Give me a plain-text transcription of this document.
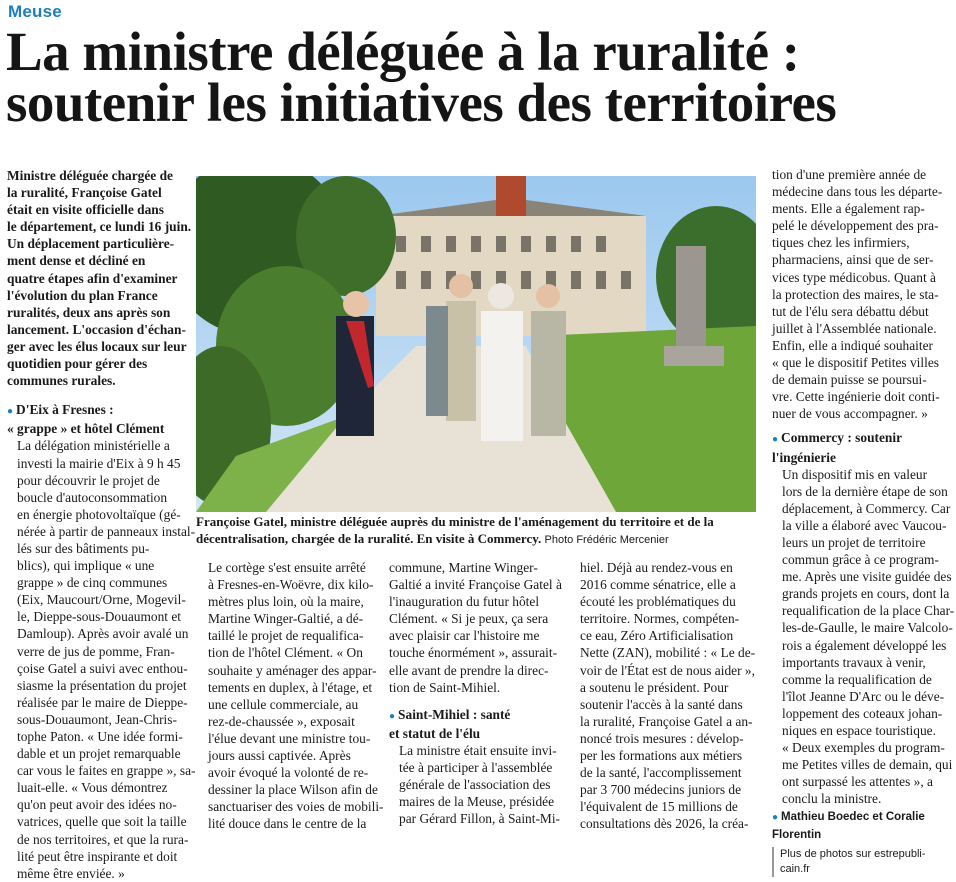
Meuse
La ministre déléguée à la ruralité :
soutenir les initiatives des territoires

Ministre déléguée chargée de

la ruralité, Françoise Gatel

était en visite officielle dans

le département, ce lundi 16 juin.

Un déplacement particulière-

ment dense et décliné en

quatre étapes afin d'examiner

l'évolution du plan France

ruralités, deux ans après son

lancement. L'occasion d'échan-

ger avec les élus locaux sur leur

quotidien pour gérer des

communes rurales.

● D'Eix à Fresnes :

« grappe » et hôtel Clément

La délégation ministérielle a

investi la mairie d'Eix à 9 h 45

pour découvrir le projet de

boucle d'autoconsommation

en énergie photovoltaïque (gé-

nérée à partir de panneaux instal-

lés sur des bâtiments pu-

blics), qui implique « une

grappe » de cinq communes

(Eix, Maucourt/Orne, Mogevil-

le, Dieppe-sous-Douaumont et

Damloup). Après avoir avalé un

verre de jus de pomme, Fran-

çoise Gatel a suivi avec enthou-

siasme la présentation du projet

réalisée par le maire de Dieppe-

sous-Douaumont, Jean-Chris-

tophe Paton. « Une idée formi-

dable et un projet remarquable

car vous le faites en grappe », sa-

luait-elle. « Vous démontrez

qu'on peut avoir des idées no-

vatrices, quelle que soit la taille

de nos territoires, et que la rura-

lité peut être inspirante et doit

même être enviée. »

Françoise Gatel, ministre déléguée auprès du ministre de l'aménagement du territoire et de la
décentralisation, chargée de la ruralité. En visite à Commercy. Photo Frédéric Mercenier

Le cortège s'est ensuite arrêté

à Fresnes-en-Woëvre, dix kilo-

mètres plus loin, où la maire,

Martine Winger-Galtié, a dé-

taillé le projet de requalifica-

tion de l'hôtel Clément. « On

souhaite y aménager des appar-

tements en duplex, à l'étage, et

une cellule commerciale, au

rez-de-chaussée », exposait

l'élue devant une ministre tou-

jours aussi captivée. Après

avoir évoqué la volonté de re-

dessiner la place Wilson afin de

sanctuariser des voies de mobili-

lité douce dans le centre de la

commune, Martine Winger-

Galtié a invité Françoise Gatel à

l'inauguration du futur hôtel

Clément. « Si je peux, ça sera

avec plaisir car l'histoire me

touche énormément », assurait-

elle avant de prendre la direc-

tion de Saint-Mihiel.

● Saint-Mihiel : santé

et statut de l'élu

La ministre était ensuite invi-

tée à participer à l'assemblée

générale de l'association des

maires de la Meuse, présidée

par Gérard Fillon, à Saint-Mi-

hiel. Déjà au rendez-vous en

2016 comme sénatrice, elle a

écouté les problématiques du

territoire. Normes, compéten-

ce eau, Zéro Artificialisation

Nette (ZAN), mobilité : « Le de-

voir de l'État est de nous aider »,

a soutenu le président. Pour

soutenir l'accès à la santé dans

la ruralité, Françoise Gatel a an-

noncé trois mesures : dévelop-

per les formations aux métiers

de la santé, l'accomplissement

par 3 700 médecins juniors de

l'équivalent de 15 millions de

consultations dès 2026, la créa-

tion d'une première année de

médecine dans tous les départe-

ments. Elle a également rap-

pelé le développement des pra-

tiques chez les infirmiers,

pharmaciens, ainsi que de ser-

vices type médicobus. Quant à

la protection des maires, le sta-

tut de l'élu sera débattu début

juillet à l'Assemblée nationale.

Enfin, elle a indiqué souhaiter

« que le dispositif Petites villes

de demain puisse se poursui-

vre. Cette ingénierie doit conti-

nuer de vous accompagner. »

● Commercy : soutenir

l'ingénierie

Un dispositif mis en valeur

lors de la dernière étape de son

déplacement, à Commercy. Car

la ville a élaboré avec Vaucou-

leurs un projet de territoire

commun grâce à ce program-

me. Après une visite guidée des

grands projets en cours, dont la

requalification de la place Char-

les-de-Gaulle, le maire Valcolo-

rois a également développé les

importants travaux à venir,

comme la requalification de

l'îlot Jeanne D'Arc ou le déve-

loppement des coteaux johan-

niques en espace touristique.

« Deux exemples du program-

me Petites villes de demain, qui

ont surpassé les attentes », a

conclu la ministre.

● Mathieu Boedec et Coralie

Florentin

Plus de photos sur estrepubli-

cain.fr
